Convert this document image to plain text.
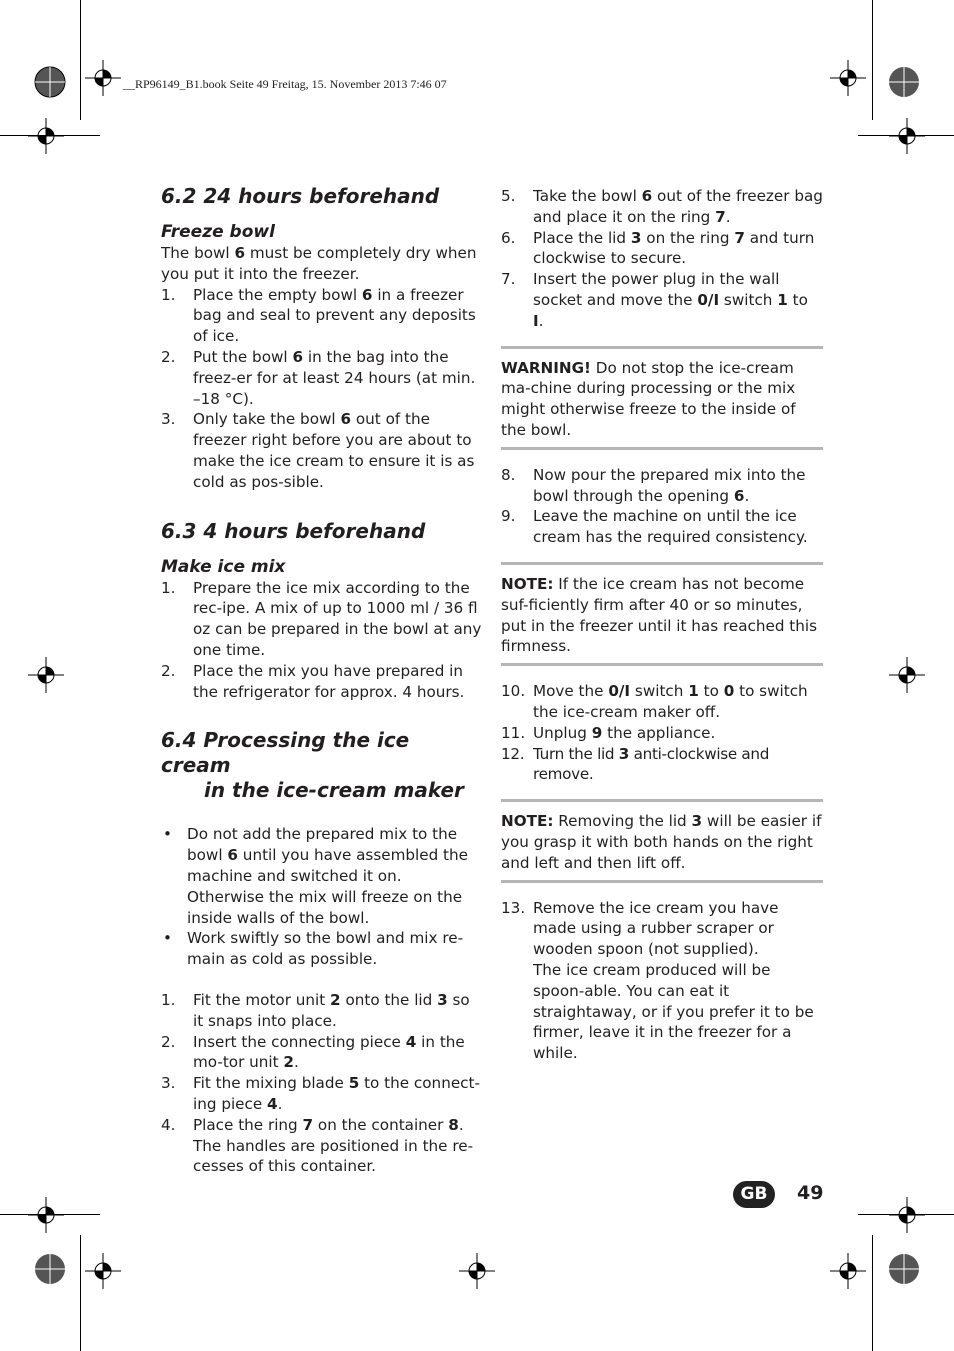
__RP96149_B1.book Seite 49 Freitag, 15. November 2013 7:46 07
6.2 24 hours beforehand
Freeze bowl

The bowl 6 must be completely dry when you put it into the freezer.

1. Place the empty bowl 6 in a freezer bag and seal to prevent any deposits of ice.
2. Put the bowl 6 in the bag into the freez-er for at least 24 hours (at min. –18 °C).
3. Only take the bowl 6 out of the freezer right before you are about to make the ice cream to ensure it is as cold as pos-sible.
6.3 4 hours beforehand
Make ice mix
1. Prepare the ice mix according to the rec-ipe. A mix of up to 1000 ml / 36 fl oz can be prepared in the bowl at any one time.
2. Place the mix you have prepared in the refrigerator for approx. 4 hours.
6.4 Processing the ice cream
in the ice-cream maker
• Do not add the prepared mix to the bowl 6 until you have assembled the machine and switched it on. Otherwise the mix will freeze on the inside walls of the bowl.
• Work swiftly so the bowl and mix re-main as cold as possible.
1. Fit the motor unit 2 onto the lid 3 so it snaps into place.
2. Insert the connecting piece 4 in the mo-tor unit 2.
3. Fit the mixing blade 5 to the connect-ing piece 4.
4. Place the ring 7 on the container 8. The handles are positioned in the re-cesses of this container.
5. Take the bowl 6 out of the freezer bag and place it on the ring 7.
6. Place the lid 3 on the ring 7 and turn clockwise to secure.
7. Insert the power plug in the wall socket and move the 0/I switch 1 to I.
WARNING! Do not stop the ice-cream ma-chine during processing or the mix might otherwise freeze to the inside of the bowl.
8. Now pour the prepared mix into the bowl through the opening 6.
9. Leave the machine on until the ice cream has the required consistency.
NOTE: If the ice cream has not become suf-ficiently firm after 40 or so minutes, put in the freezer until it has reached this firmness.
10. Move the 0/I switch 1 to 0 to switch the ice-cream maker off.
11. Unplug 9 the appliance.
12. Turn the lid 3 anti-clockwise and remove.
NOTE: Removing the lid 3 will be easier if you grasp it with both hands on the right and left and then lift off.
13. Remove the ice cream you have made using a rubber scraper or wooden spoon (not supplied).
The ice cream produced will be spoon-able. You can eat it straightaway, or if you prefer it to be firmer, leave it in the freezer for a while.
GB	49
